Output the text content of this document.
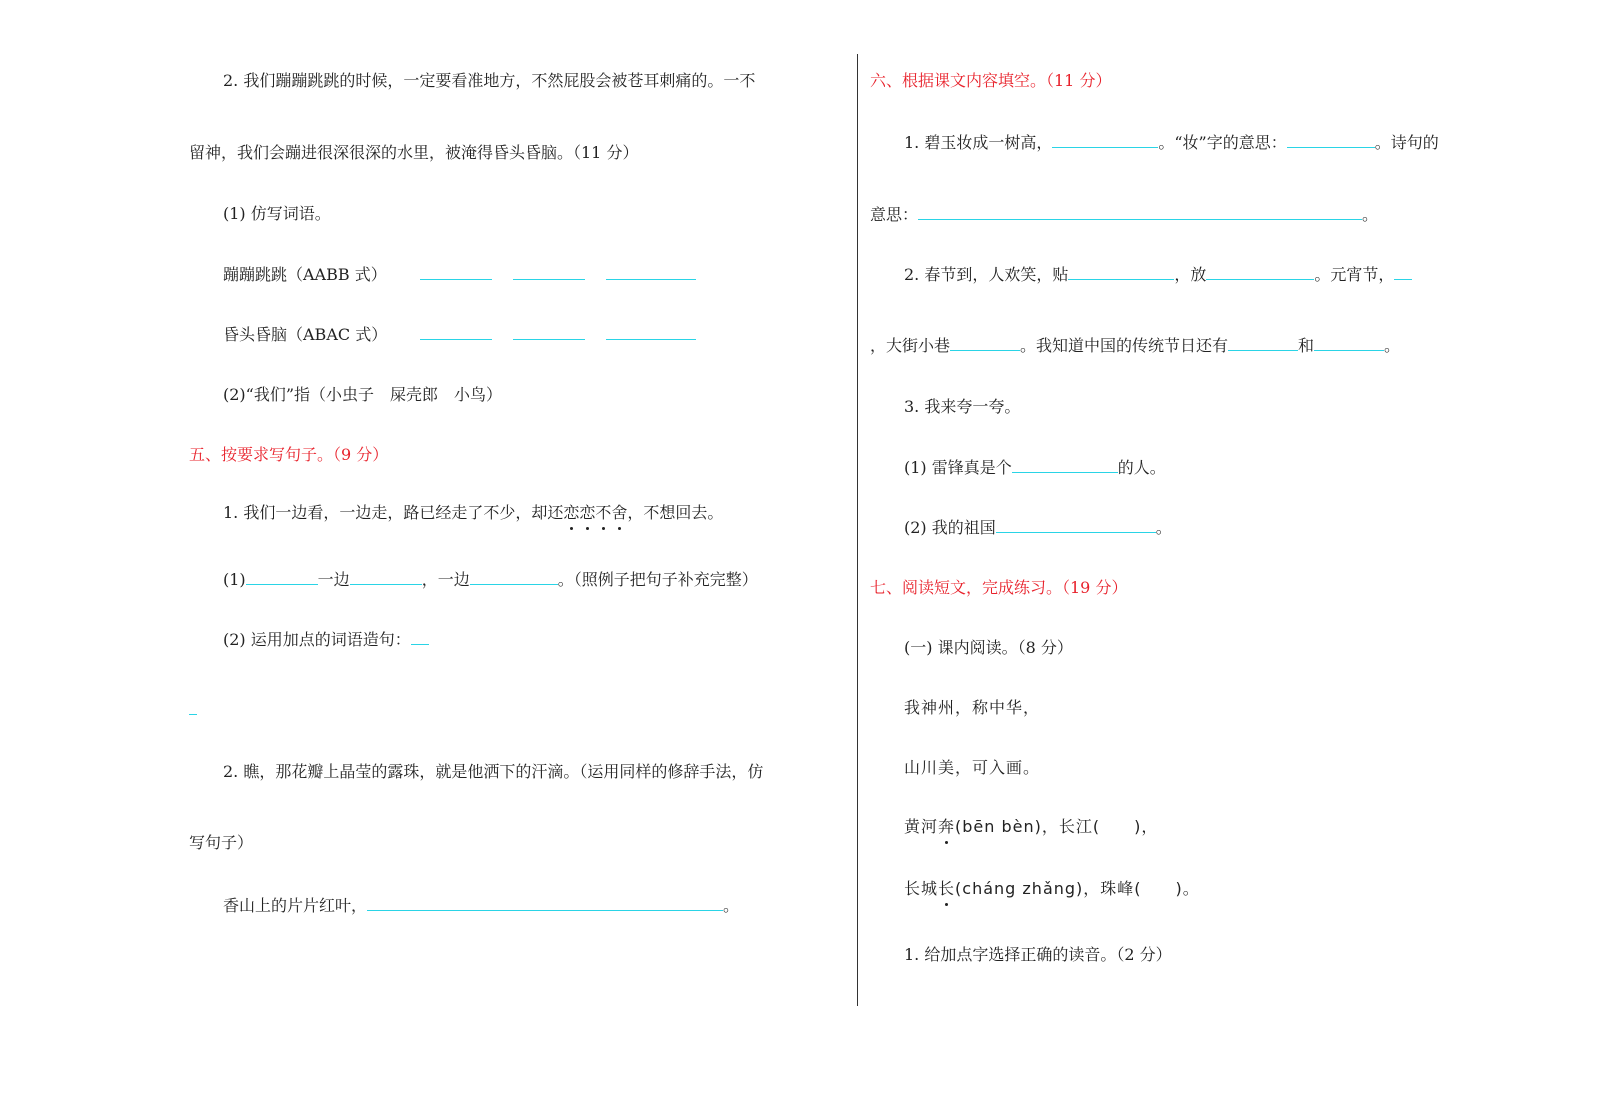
2. 我们蹦蹦跳跳的时候，一定要看准地方，不然屁股会被苍耳刺痛的。一不
留神，我们会蹦进很深很深的水里，被淹得昏头昏脑。（11 分）
(1) 仿写词语。
蹦蹦跳跳（AABB 式）
昏头昏脑（ABAC 式）
(2)“我们”指（小虫子　屎壳郎　小鸟）
五、按要求写句子。（9 分）
1. 我们一边看，一边走，路已经走了不少，却还恋恋不舍，不想回去。
(1)	一边	，一边	。（照例子把句子补充完整）
(2) 运用加点的词语造句：
2. 瞧，那花瓣上晶莹的露珠，就是他洒下的汗滴。（运用同样的修辞手法，仿
写句子）
香山上的片片红叶，	。
六、根据课文内容填空。（11 分）
1. 碧玉妆成一树高，	。“妆”字的意思：	。诗句的
意思：	。
2. 春节到，人欢笑，贴	，放	。元宵节，
，大街小巷	。我知道中国的传统节日还有	和	。
3. 我来夸一夸。
(1) 雷锋真是个	的人。
(2) 我的祖国	。
七、阅读短文，完成练习。（19 分）
(一) 课内阅读。（8 分）
我神州，称中华，
山川美，可入画。
黄河奔(bēn bèn)，长江( )，
长城长(cháng zhǎng)，珠峰( )。
1. 给加点字选择正确的读音。（2 分）
